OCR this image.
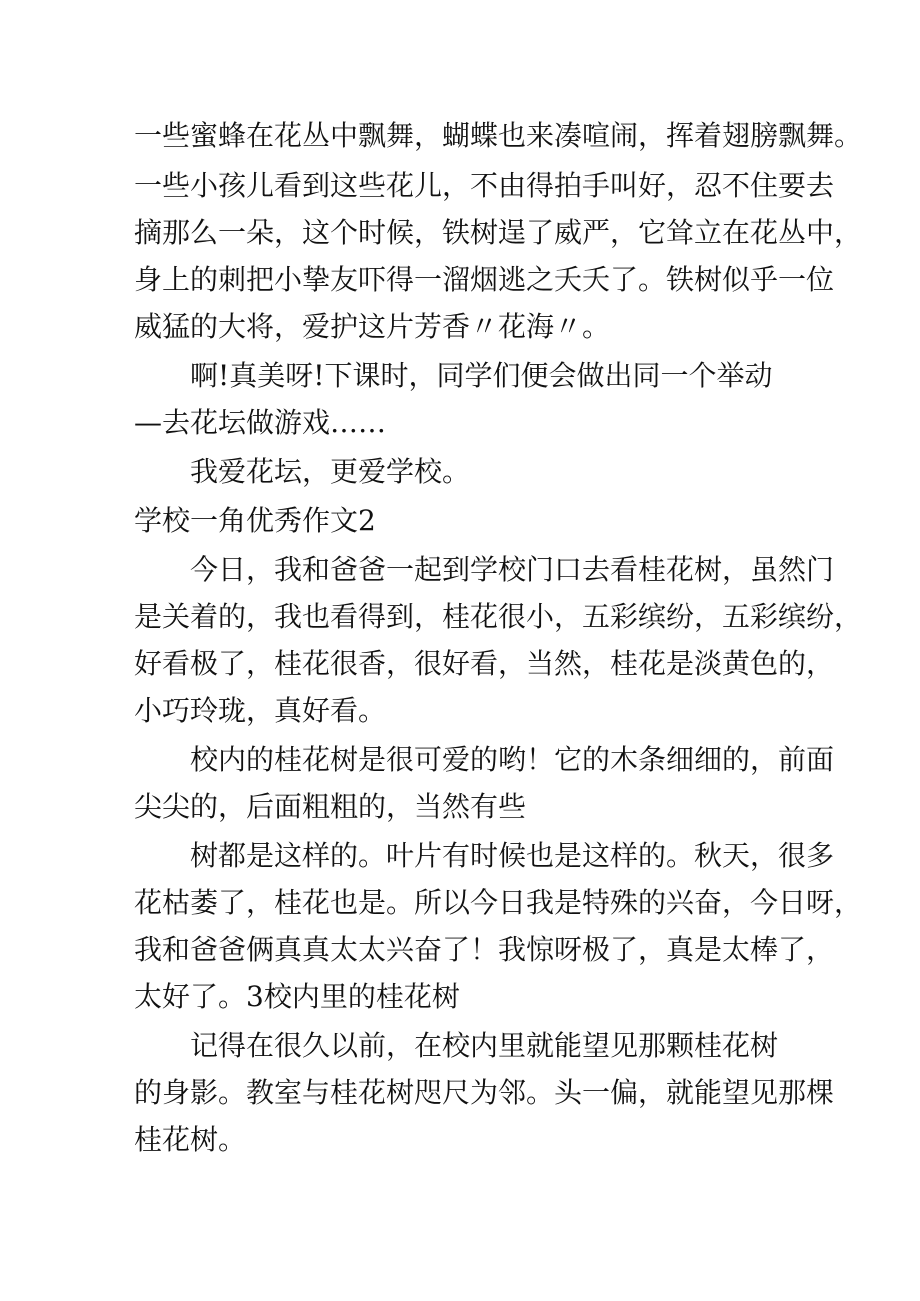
一些蜜蜂在花丛中飘舞，蝴蝶也来凑喧闹，挥着翅膀飘舞。
一些小孩儿看到这些花儿，不由得拍手叫好，忍不住要去
摘那么一朵，这个时候，铁树逞了威严，它耸立在花丛中，
身上的刺把小挚友吓得一溜烟逃之夭夭了。铁树似乎一位
威猛的大将，爱护这片芳香〃花海〃。
啊!真美呀!下课时，同学们便会做出同一个举动
—去花坛做游戏……
我爱花坛，更爱学校。
学校一角优秀作文2
今日，我和爸爸一起到学校门口去看桂花树，虽然门
是关着的，我也看得到，桂花很小，五彩缤纷，五彩缤纷，
好看极了，桂花很香，很好看，当然，桂花是淡黄色的，
小巧玲珑，真好看。
校内的桂花树是很可爱的哟！它的木条细细的，前面
尖尖的，后面粗粗的，当然有些
树都是这样的。叶片有时候也是这样的。秋天，很多
花枯萎了，桂花也是。所以今日我是特殊的兴奋，今日呀，
我和爸爸俩真真太太兴奋了！我惊呀极了，真是太棒了，
太好了。3校内里的桂花树
记得在很久以前，在校内里就能望见那颗桂花树
的身影。教室与桂花树咫尺为邻。头一偏，就能望见那棵
桂花树。
